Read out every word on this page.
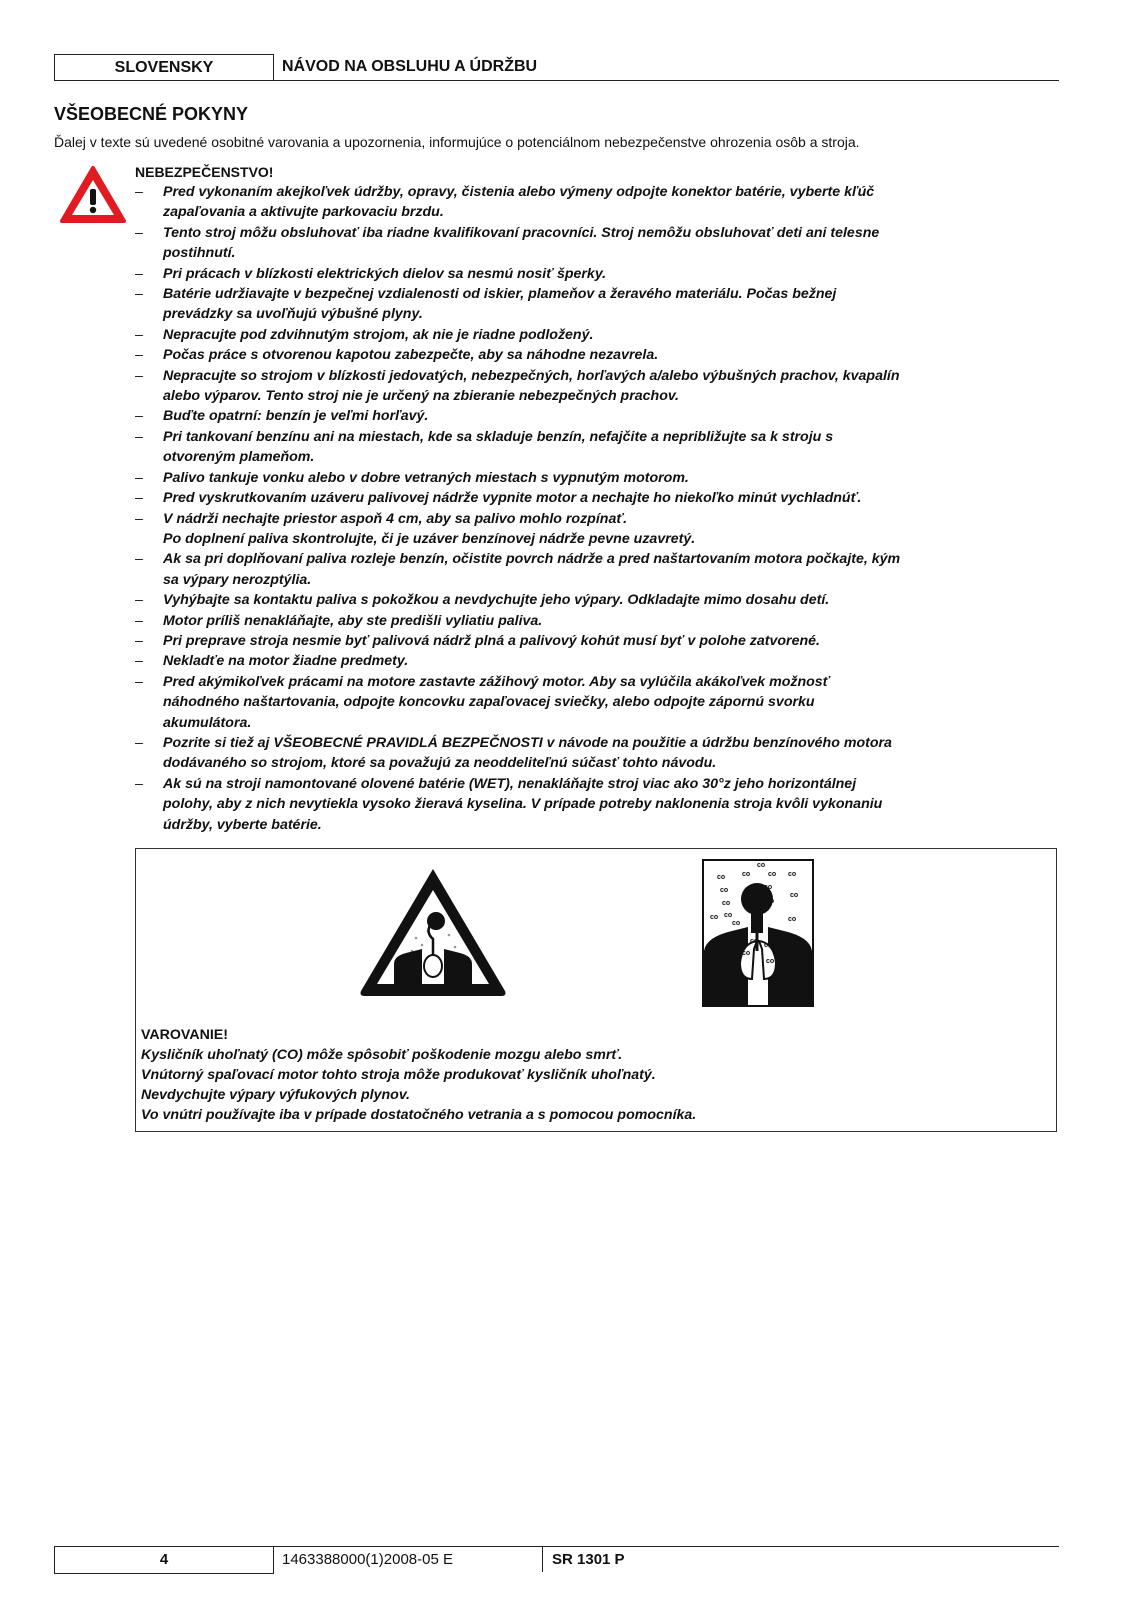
SLOVENSKY	NÁVOD NA OBSLUHU A ÚDRŽBU
VŠEOBECNÉ POKYNY

Ďalej v texte sú uvedené osobitné varovania a upozornenia, informujúce o potenciálnom nebezpečenstve ohrozenia osôb a stroja.

NEBEZPEČENSTVO!

– Pred vykonaním akejkoľvek údržby, opravy, čistenia alebo výmeny odpojte konektor batérie, vyberte kľúč
zapaľovania a aktivujte parkovaciu brzdu.
– Tento stroj môžu obsluhovať iba riadne kvalifikovaní pracovníci. Stroj nemôžu obsluhovať deti ani telesne
postihnutí.
– Pri prácach v blízkosti elektrických dielov sa nesmú nosiť šperky.
– Batérie udržiavajte v bezpečnej vzdialenosti od iskier, plameňov a žeravého materiálu. Počas bežnej
prevádzky sa uvoľňujú výbušné plyny.
– Nepracujte pod zdvihnutým strojom, ak nie je riadne podložený.
– Počas práce s otvorenou kapotou zabezpečte, aby sa náhodne nezavrela.
– Nepracujte so strojom v blízkosti jedovatých, nebezpečných, horľavých a/alebo výbušných prachov, kvapalín
alebo výparov. Tento stroj nie je určený na zbieranie nebezpečných prachov.
– Buďte opatrní: benzín je veľmi horľavý.
– Pri tankovaní benzínu ani na miestach, kde sa skladuje benzín, nefajčite a nepribližujte sa k stroju s
otvoreným plameňom.
– Palivo tankuje vonku alebo v dobre vetraných miestach s vypnutým motorom.
– Pred vyskrutkovaním uzáveru palivovej nádrže vypnite motor a nechajte ho niekoľko minút vychladnúť.
– V nádrži nechajte priestor aspoň 4 cm, aby sa palivo mohlo rozpínať.
Po doplnení paliva skontrolujte, či je uzáver benzínovej nádrže pevne uzavretý.
– Ak sa pri doplňovaní paliva rozleje benzín, očistite povrch nádrže a pred naštartovaním motora počkajte, kým
sa výpary nerozptýlia.
– Vyhýbajte sa kontaktu paliva s pokožkou a nevdychujte jeho výpary. Odkladajte mimo dosahu detí.
– Motor príliš nenakláňajte, aby ste predišli vyliatiu paliva.
– Pri preprave stroja nesmie byť palivová nádrž plná a palivový kohút musí byť v polohe zatvorené.
– Nekladťe na motor žiadne predmety.
– Pred akýmikoľvek prácami na motore zastavte zážihový motor. Aby sa vylúčila akákoľvek možnosť
náhodného naštartovania, odpojte koncovku zapaľovacej sviečky, alebo odpojte zápornú svorku
akumulátora.
– Pozrite si tiež aj VŠEOBECNÉ PRAVIDLÁ BEZPEČNOSTI v návode na použitie a údržbu benzínového motora
dodávaného so strojom, ktoré sa považujú za neoddeliteľnú súčasť tohto návodu.
– Ak sú na stroji namontované olovené batérie (WET), nenakláňajte stroj viac ako 30°z jeho horizontálnej
polohy, aby z nich nevytiekla vysoko žieravá kyselina. V prípade potreby naklonenia stroja kvôli vykonaniu
údržby, vyberte batérie.
co
co co	co co
co	co
co
co
co
co co
co
co
co
co
co
co
co	co

VAROVANIE!

Kysličník uhoľnatý (CO) môže spôsobiť poškodenie mozgu alebo smrť.

Vnútorný spaľovací motor tohto stroja môže produkovať kysličník uhoľnatý.

Nevdychujte výpary výfukových plynov.

Vo vnútri používajte iba v prípade dostatočného vetrania a s pomocou pomocníka.

4	1463388000(1)2008-05 E	SR 1301 P
